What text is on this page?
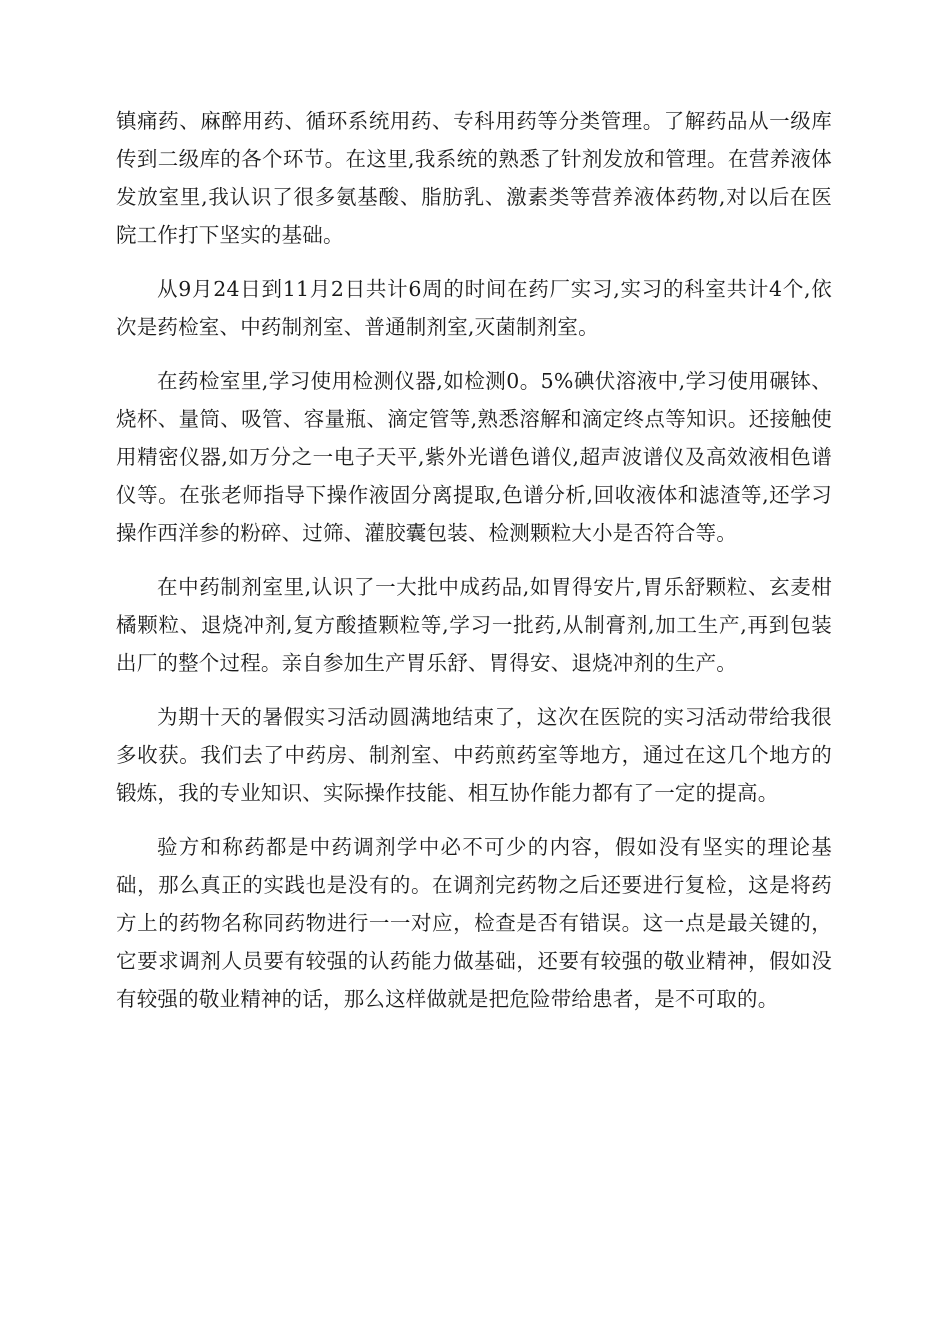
镇痛药、麻醉用药、循环系统用药、专科用药等分类管理。了解药品从一级库传到二级库的各个环节。在这里,我系统的熟悉了针剂发放和管理。在营养液体发放室里,我认识了很多氨基酸、脂肪乳、激素类等营养液体药物,对以后在医院工作打下坚实的基础。

从9月24日到11月2日共计6周的时间在药厂实习,实习的科室共计4个,依次是药检室、中药制剂室、普通制剂室,灭菌制剂室。

在药检室里,学习使用检测仪器,如检测0。5%碘伏溶液中,学习使用碾钵、烧杯、量筒、吸管、容量瓶、滴定管等,熟悉溶解和滴定终点等知识。还接触使用精密仪器,如万分之一电子天平,紫外光谱色谱仪,超声波谱仪及高效液相色谱仪等。在张老师指导下操作液固分离提取,色谱分析,回收液体和滤渣等,还学习操作西洋参的粉碎、过筛、灌胶囊包装、检测颗粒大小是否符合等。

在中药制剂室里,认识了一大批中成药品,如胃得安片,胃乐舒颗粒、玄麦柑橘颗粒、退烧冲剂,复方酸揸颗粒等,学习一批药,从制膏剂,加工生产,再到包装出厂的整个过程。亲自参加生产胃乐舒、胃得安、退烧冲剂的生产。

为期十天的暑假实习活动圆满地结束了，这次在医院的实习活动带给我很多收获。我们去了中药房、制剂室、中药煎药室等地方，通过在这几个地方的锻炼，我的专业知识、实际操作技能、相互协作能力都有了一定的提高。

验方和称药都是中药调剂学中必不可少的内容，假如没有坚实的理论基础，那么真正的实践也是没有的。在调剂完药物之后还要进行复检，这是将药方上的药物名称同药物进行一一对应，检查是否有错误。这一点是最关键的，它要求调剂人员要有较强的认药能力做基础，还要有较强的敬业精神，假如没有较强的敬业精神的话，那么这样做就是把危险带给患者，是不可取的。
